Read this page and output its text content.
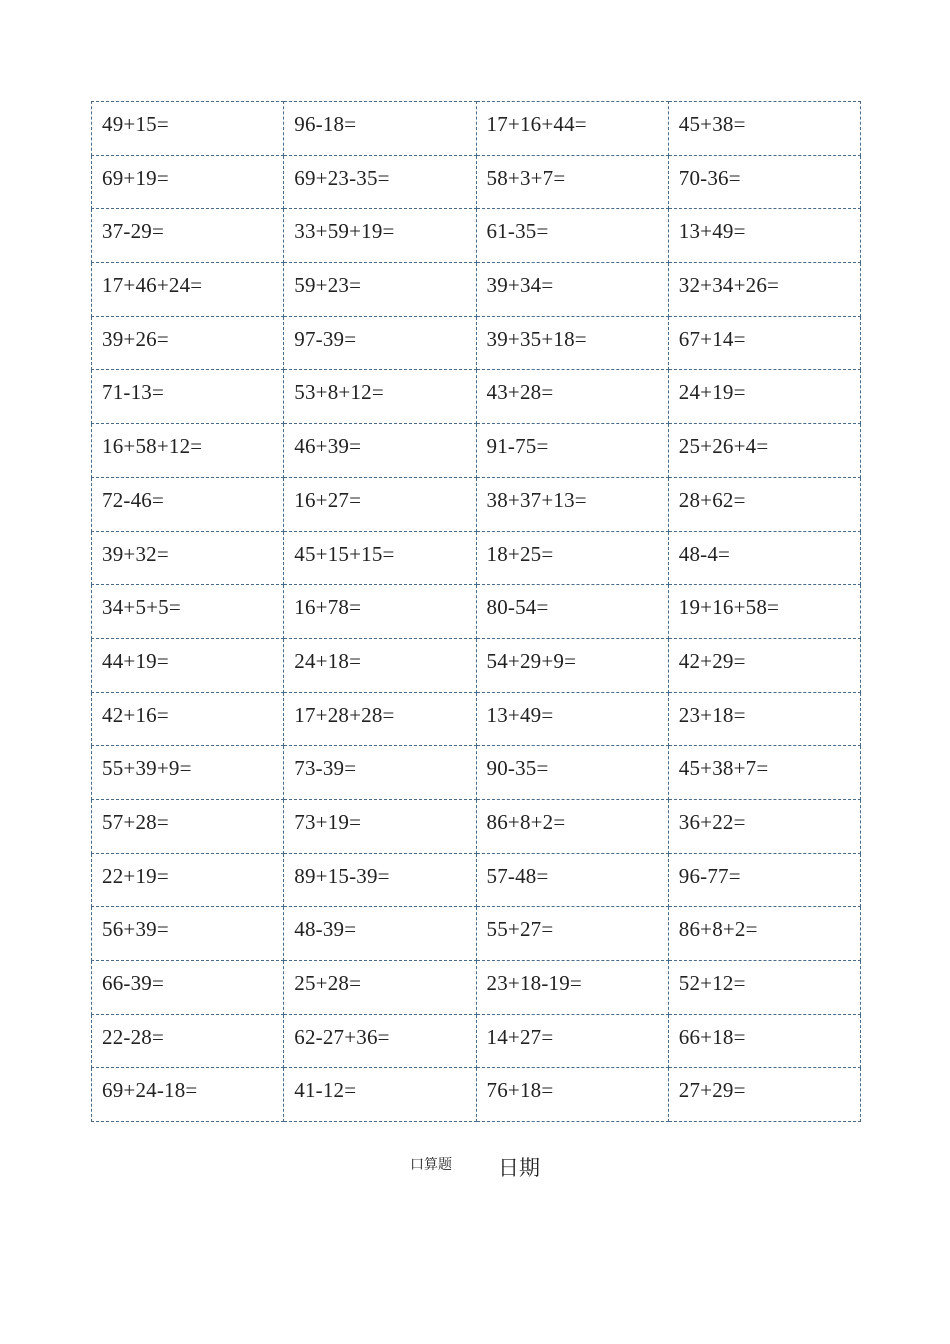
49+15=	96-18=	17+16+44=	45+38=

69+19=	69+23-35=	58+3+7=	70-36=

37-29=	33+59+19=	61-35=	13+49=

17+46+24=	59+23=	39+34=	32+34+26=

39+26=	97-39=	39+35+18=	67+14=

71-13=	53+8+12=	43+28=	24+19=

16+58+12=	46+39=	91-75=	25+26+4=

72-46=	16+27=	38+37+13=	28+62=

39+32=	45+15+15=	18+25=	48-4=

34+5+5=	16+78=	80-54=	19+16+58=

44+19=	24+18=	54+29+9=	42+29=

42+16=	17+28+28=	13+49=	23+18=

55+39+9=	73-39=	90-35=	45+38+7=

57+28=	73+19=	86+8+2=	36+22=

22+19=	89+15-39=	57-48=	96-77=

56+39=	48-39=	55+27=	86+8+2=

66-39=	25+28=	23+18-19=	52+12=

22-28=	62-27+36=	14+27=	66+18=

69+24-18=	41-12=	76+18=	27+29=
口算题 日期
